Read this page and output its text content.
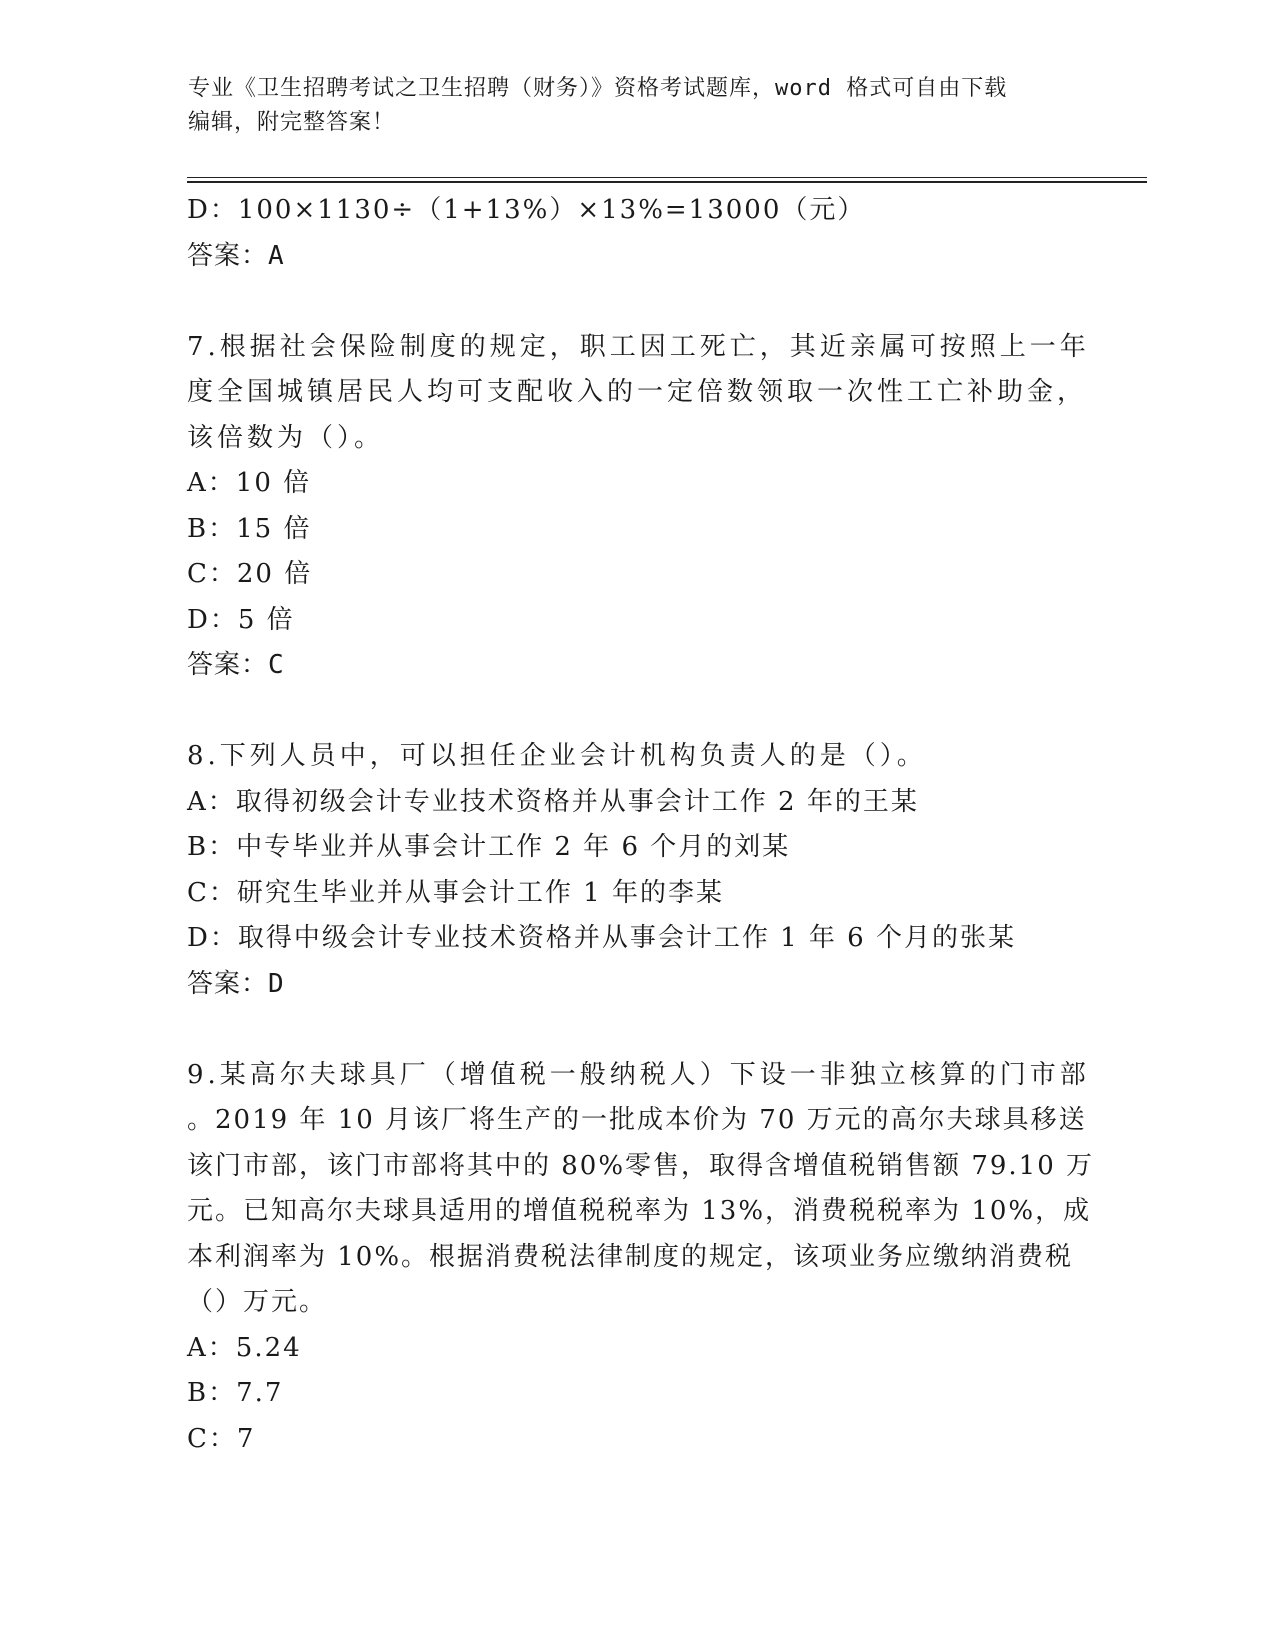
专业《卫生招聘考试之卫生招聘（财务）》资格考试题库，word 格式可自由下载
编辑，附完整答案！
D：100×1130÷（1+13%）×13%=13000（元）
答案：A
7.根据社会保险制度的规定，职工因工死亡，其近亲属可按照上一年
度全国城镇居民人均可支配收入的一定倍数领取一次性工亡补助金，
该倍数为（）。
A：10 倍
B：15 倍
C：20 倍
D：5 倍
答案：C
8.下列人员中，可以担任企业会计机构负责人的是（）。
A：取得初级会计专业技术资格并从事会计工作 2 年的王某
B：中专毕业并从事会计工作 2 年 6 个月的刘某
C：研究生毕业并从事会计工作 1 年的李某
D：取得中级会计专业技术资格并从事会计工作 1 年 6 个月的张某
答案：D
9.某高尔夫球具厂（增值税一般纳税人）下设一非独立核算的门市部
。2019 年 10 月该厂将生产的一批成本价为 70 万元的高尔夫球具移送
该门市部，该门市部将其中的 80%零售，取得含增值税销售额 79.10 万
元。已知高尔夫球具适用的增值税税率为 13%，消费税税率为 10%，成
本利润率为 10%。根据消费税法律制度的规定，该项业务应缴纳消费税
（）万元。
A：5.24
B：7.7
C：7
